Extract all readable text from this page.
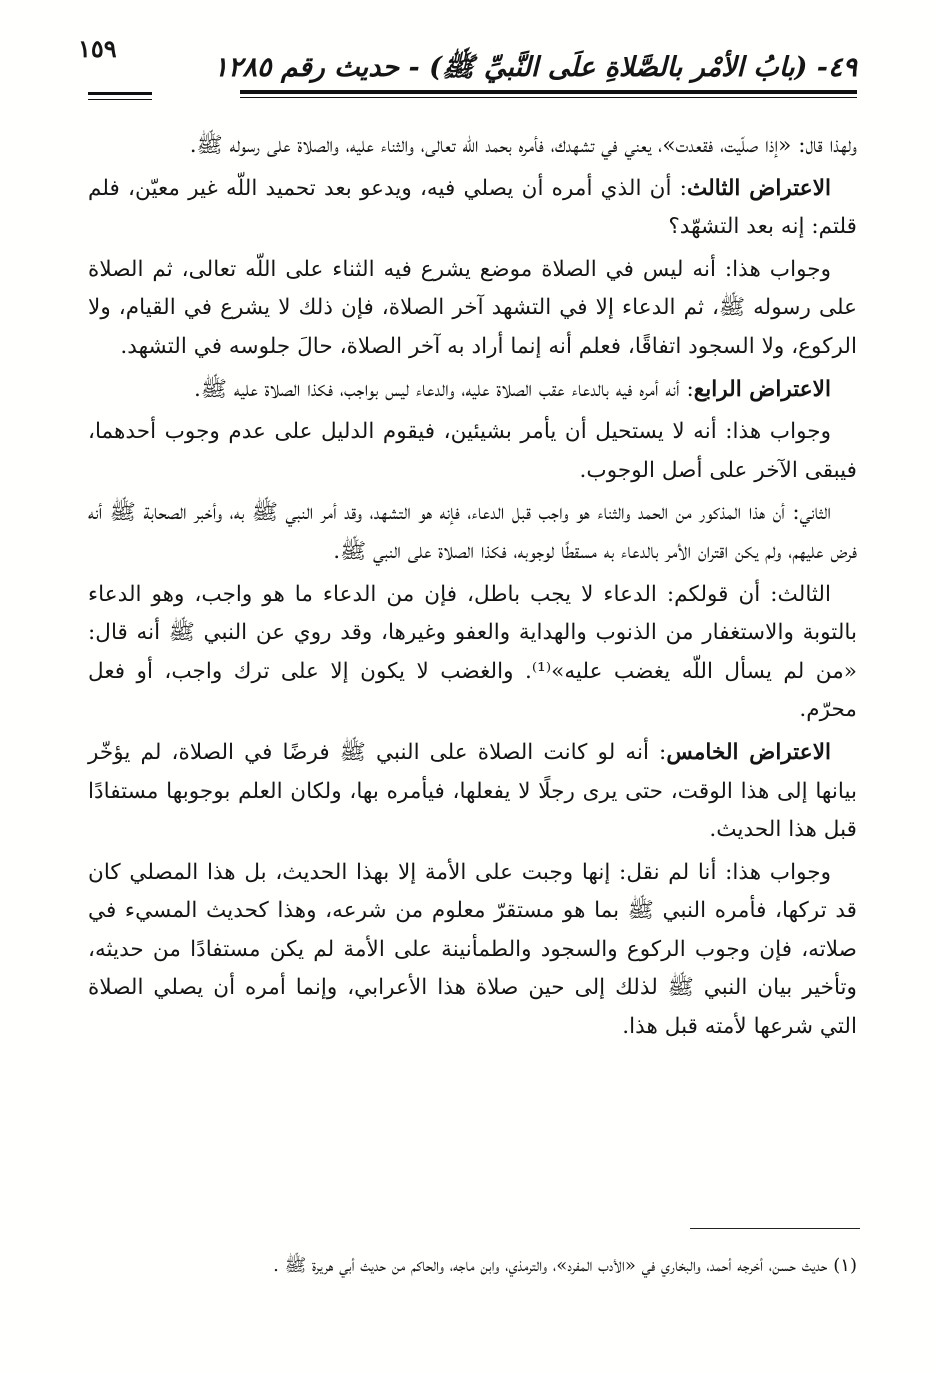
٤٩- (بابُ الأمْر بالصَّلاةِ علَى النَّبيِّ ﷺ) - حديث رقم ١٢٨٥
١٥٩

ولهذا قال: «إذا صلّيت، فقعدت»، يعني في تشهدك، فأمره بحمد اللّه تعالى، والثناء عليه، والصلاة على رسوله ﷺ.

الاعتراض الثالث: أن الذي أمره أن يصلي فيه، ويدعو بعد تحميد اللّه غير معيّن، فلم قلتم: إنه بعد التشهّد؟

وجواب هذا: أنه ليس في الصلاة موضع يشرع فيه الثناء على اللّه تعالى، ثم الصلاة على رسوله ﷺ، ثم الدعاء إلا في التشهد آخر الصلاة، فإن ذلك لا يشرع في القيام، ولا الركوع، ولا السجود اتفاقًا، فعلم أنه إنما أراد به آخر الصلاة، حالَ جلوسه في التشهد.

الاعتراض الرابع: أنه أمره فيه بالدعاء عقب الصلاة عليه، والدعاء ليس بواجب، فكذا الصلاة عليه ﷺ.

وجواب هذا: أنه لا يستحيل أن يأمر بشيئين، فيقوم الدليل على عدم وجوب أحدهما، فيبقى الآخر على أصل الوجوب.

الثاني: أن هذا المذكور من الحمد والثناء هو واجب قبل الدعاء، فإنه هو التشهد، وقد أمر النبي ﷺ به، وأخبر الصحابة ﷺ أنه فرض عليهم، ولم يكن اقتران الأمر بالدعاء به مسقطًا لوجوبه، فكذا الصلاة على النبي ﷺ.

الثالث: أن قولكم: الدعاء لا يجب باطل، فإن من الدعاء ما هو واجب، وهو الدعاء بالتوبة والاستغفار من الذنوب والهداية والعفو وغيرها، وقد روي عن النبي ﷺ أنه قال: «من لم يسأل اللّه يغضب عليه»⁽¹⁾. والغضب لا يكون إلا على ترك واجب، أو فعل محرّم.

الاعتراض الخامس: أنه لو كانت الصلاة على النبي ﷺ فرضًا في الصلاة، لم يؤخّر بيانها إلى هذا الوقت، حتى يرى رجلًا لا يفعلها، فيأمره بها، ولكان العلم بوجوبها مستفادًا قبل هذا الحديث.

وجواب هذا: أنا لم نقل: إنها وجبت على الأمة إلا بهذا الحديث، بل هذا المصلي كان قد تركها، فأمره النبي ﷺ بما هو مستقرّ معلوم من شرعه، وهذا كحديث المسيء في صلاته، فإن وجوب الركوع والسجود والطمأنينة على الأمة لم يكن مستفادًا من حديثه، وتأخير بيان النبي ﷺ لذلك إلى حين صلاة هذا الأعرابي، وإنما أمره أن يصلي الصلاة التي شرعها لأمته قبل هذا.

(١) حديث حسن، أخرجه أحمد، والبخاري في «الأدب المفرد»، والترمذي، وابن ماجه، والحاكم من حديث أبي هريرة ﷺ .
